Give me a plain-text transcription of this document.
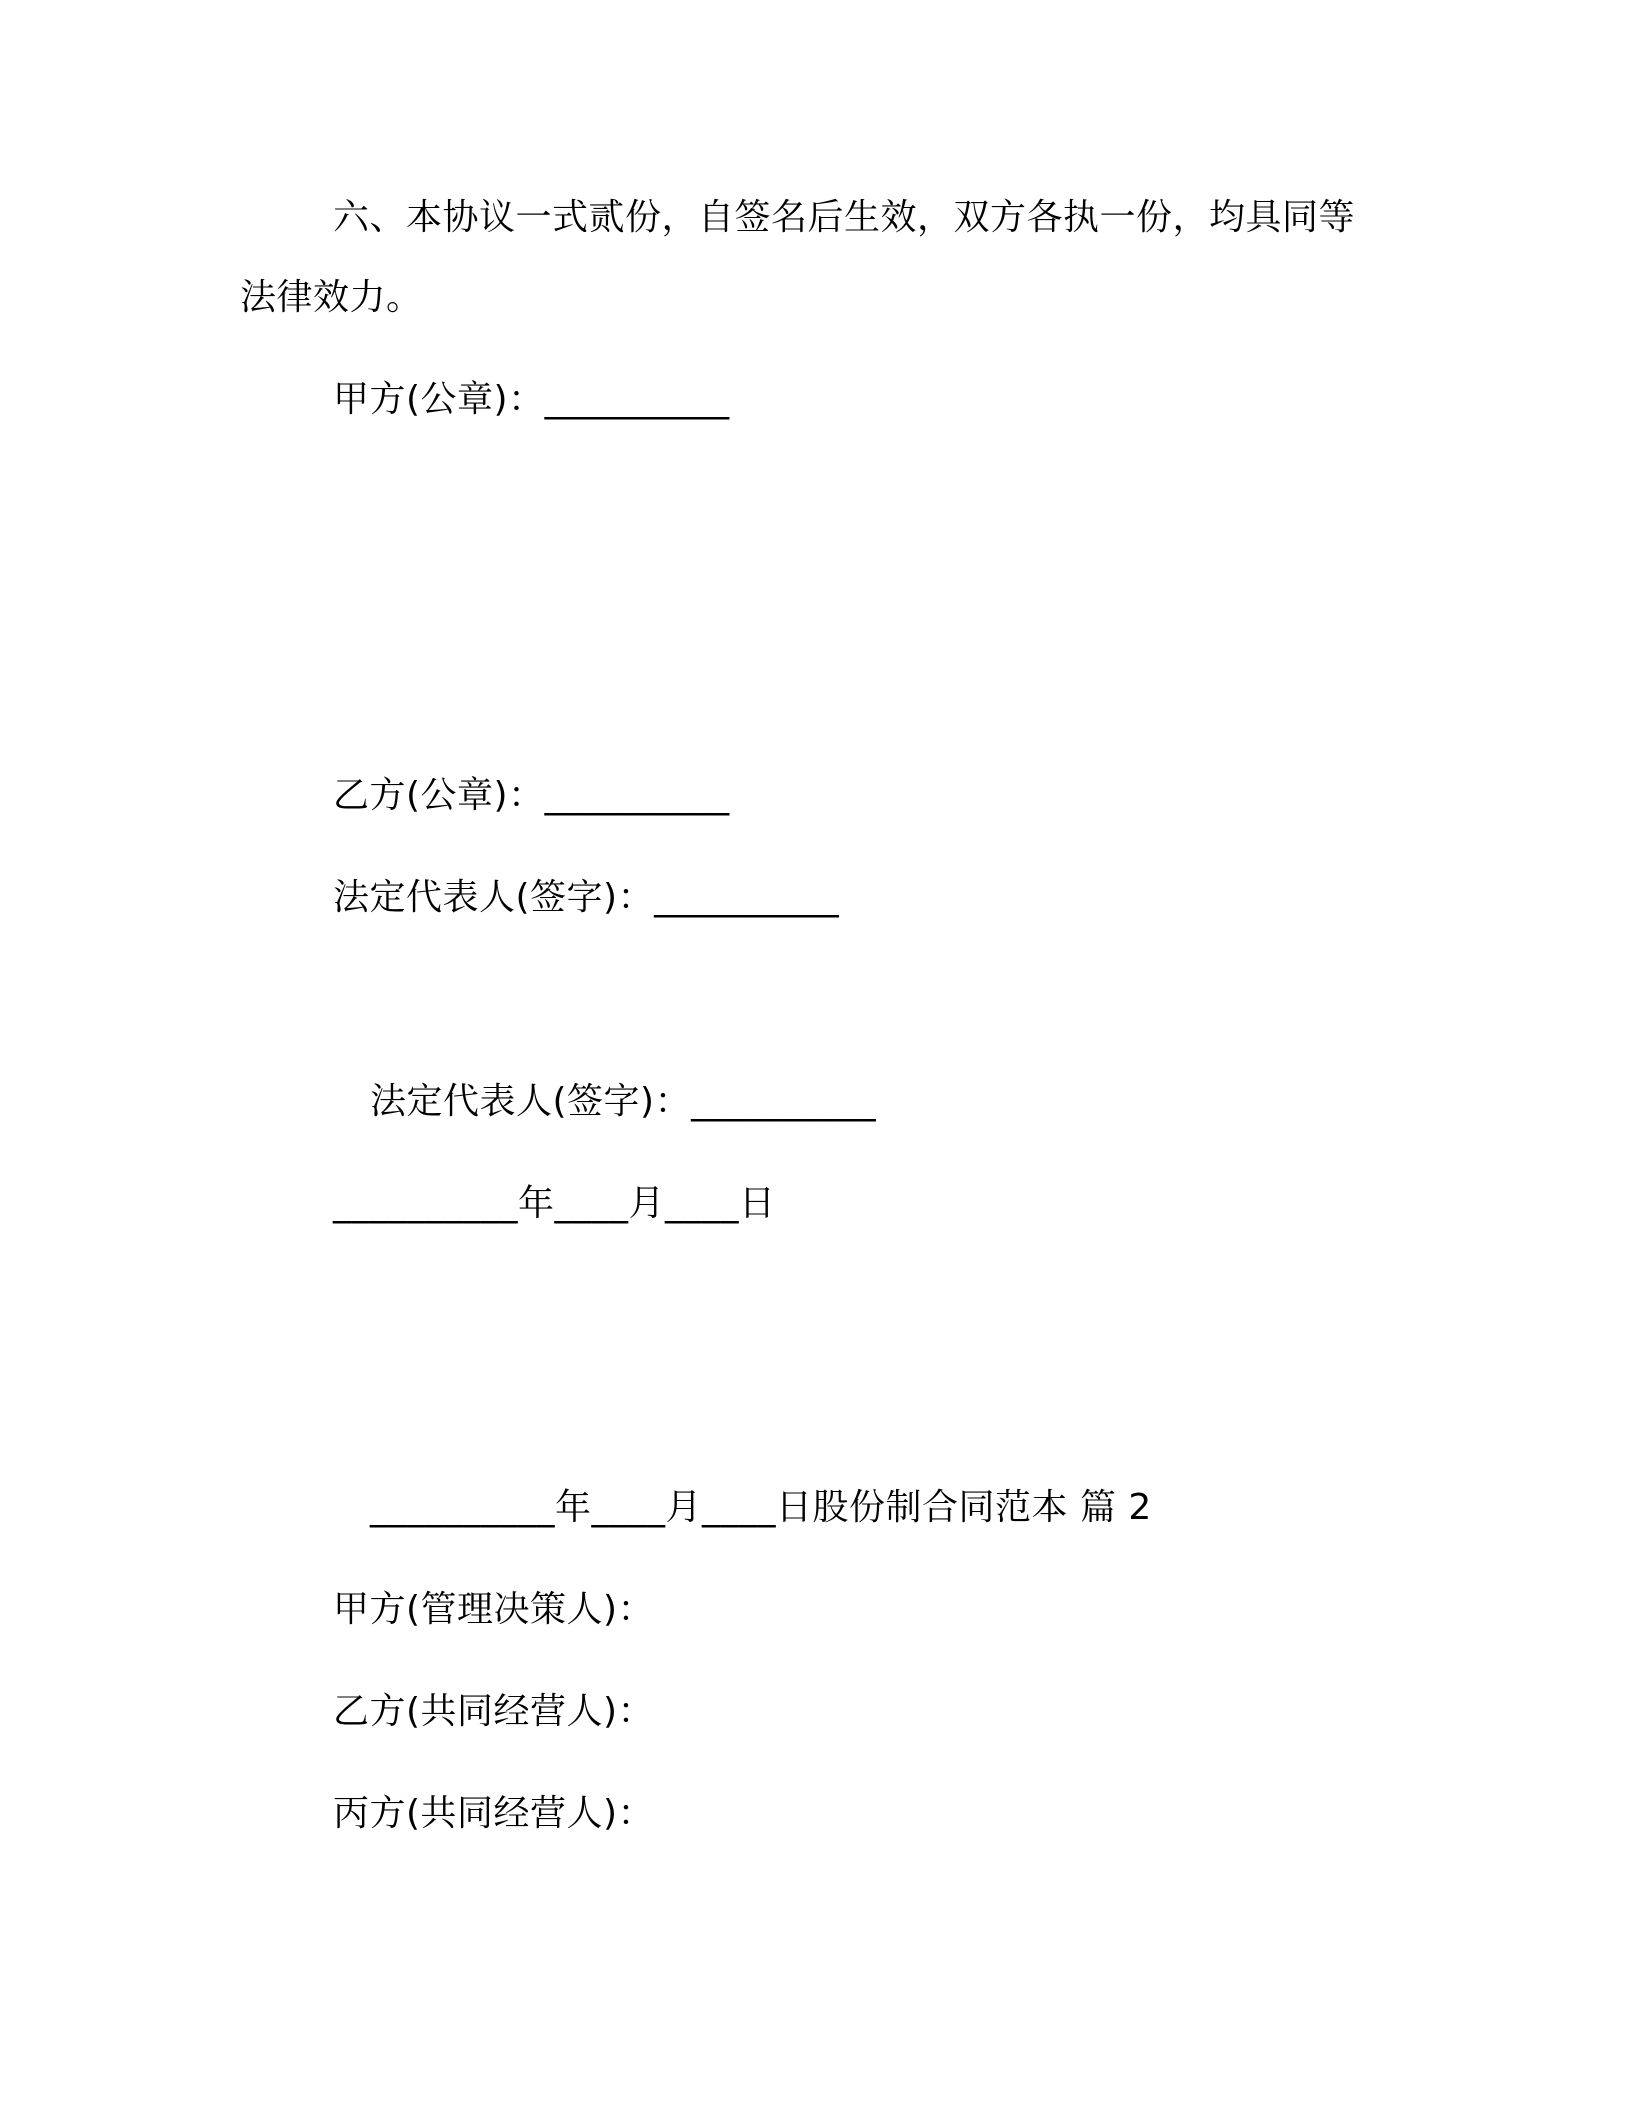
六、本协议一式贰份，自签名后生效，双方各执一份，均具同等
法律效力。
甲方(公章)：__________
乙方(公章)：__________
法定代表人(签字)：__________
法定代表人(签字)：__________
__________年____月____日
__________年____月____日股份制合同范本 篇 2
甲方(管理决策人)：
乙方(共同经营人)：
丙方(共同经营人)：
